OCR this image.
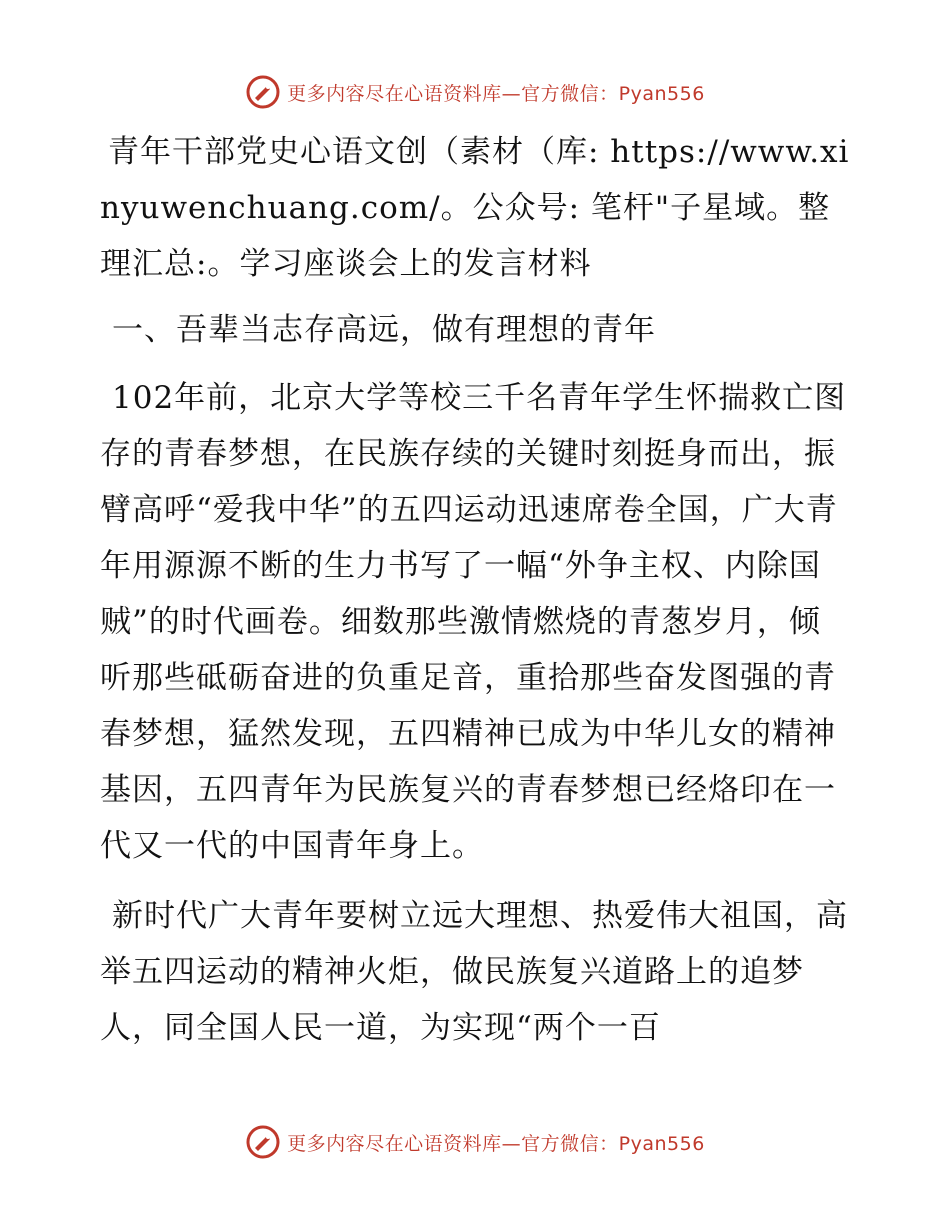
更多内容尽在心语资料库—官方微信：Pyan556

青年干部党史心语文创（素材（库: https://www.xinyuwenchuang.com/。公众号: 笔杆"子星域。整理汇总:。学习座谈会上的发言材料

一、吾辈当志存高远，做有理想的青年

102年前，北京大学等校三千名青年学生怀揣救亡图存的青春梦想，在民族存续的关键时刻挺身而出，振臂高呼“爱我中华”的五四运动迅速席卷全国，广大青年用源源不断的生力书写了一幅“外争主权、内除国贼”的时代画卷。细数那些激情燃烧的青葱岁月，倾听那些砥砺奋进的负重足音，重拾那些奋发图强的青春梦想，猛然发现，五四精神已成为中华儿女的精神基因，五四青年为民族复兴的青春梦想已经烙印在一代又一代的中国青年身上。

新时代广大青年要树立远大理想、热爱伟大祖国，高举五四运动的精神火炬，做民族复兴道路上的追梦人，同全国人民一道，为实现“两个一百

更多内容尽在心语资料库—官方微信：Pyan556
